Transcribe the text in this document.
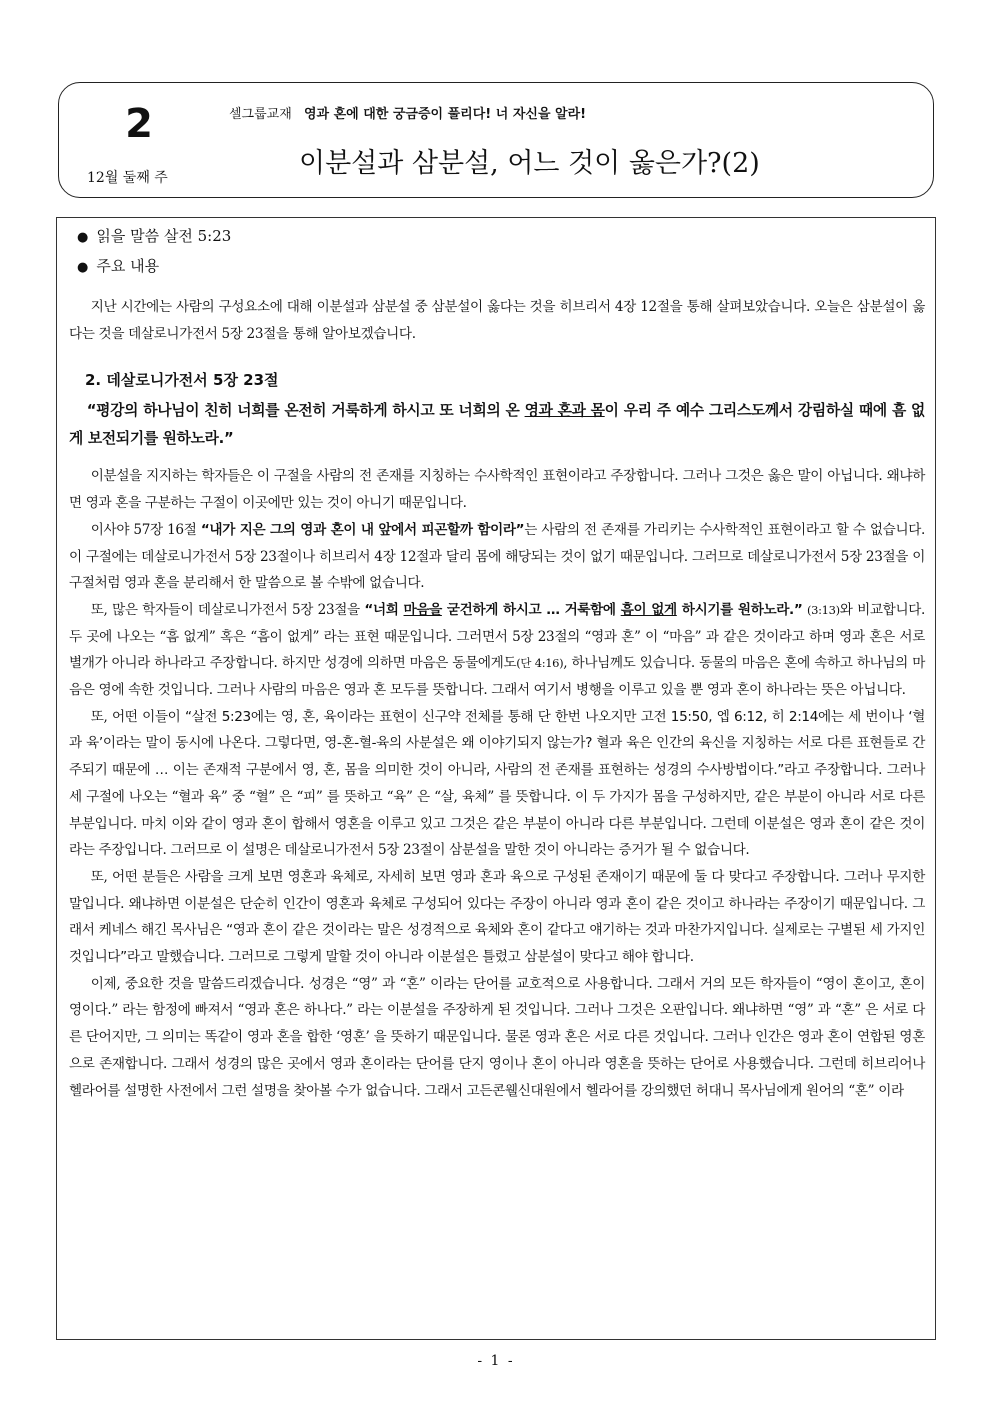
2
12월 둘째 주
셀그룹교재 영과 혼에 대한 궁금증이 풀리다! 너 자신을 알라!
이분설과 삼분설, 어느 것이 옳은가?(2)
● 읽을 말씀 살전 5:23
● 주요 내용

지난 시간에는 사람의 구성요소에 대해 이분설과 삼분설 중 삼분설이 옳다는 것을 히브리서 4장 12절을 통해 살펴보았습니다. 오늘은 삼분설이 옳다는 것을 데살로니가전서 5장 23절을 통해 알아보겠습니다.

2. 데살로니가전서 5장 23절

“평강의 하나님이 친히 너희를 온전히 거룩하게 하시고 또 너희의 온 영과 혼과 몸이 우리 주 예수 그리스도께서 강림하실 때에 흠 없게 보전되기를 원하노라.”

이분설을 지지하는 학자들은 이 구절을 사람의 전 존재를 지칭하는 수사학적인 표현이라고 주장합니다. 그러나 그것은 옳은 말이 아닙니다. 왜냐하면 영과 혼을 구분하는 구절이 이곳에만 있는 것이 아니기 때문입니다.

이사야 57장 16절 “내가 지은 그의 영과 혼이 내 앞에서 피곤할까 함이라”는 사람의 전 존재를 가리키는 수사학적인 표현이라고 할 수 없습니다. 이 구절에는 데살로니가전서 5장 23절이나 히브리서 4장 12절과 달리 몸에 해당되는 것이 없기 때문입니다. 그러므로 데살로니가전서 5장 23절을 이 구절처럼 영과 혼을 분리해서 한 말씀으로 볼 수밖에 없습니다.

또, 많은 학자들이 데살로니가전서 5장 23절을 “너희 마음을 굳건하게 하시고 … 거룩함에 흠이 없게 하시기를 원하노라.” (3:13)와 비교합니다. 두 곳에 나오는 “흠 없게” 혹은 “흠이 없게” 라는 표현 때문입니다. 그러면서 5장 23절의 “영과 혼” 이 “마음” 과 같은 것이라고 하며 영과 혼은 서로 별개가 아니라 하나라고 주장합니다. 하지만 성경에 의하면 마음은 동물에게도(단 4:16), 하나님께도 있습니다. 동물의 마음은 혼에 속하고 하나님의 마음은 영에 속한 것입니다. 그러나 사람의 마음은 영과 혼 모두를 뜻합니다. 그래서 여기서 병행을 이루고 있을 뿐 영과 혼이 하나라는 뜻은 아닙니다.

또, 어떤 이들이 “살전 5:23에는 영, 혼, 육이라는 표현이 신구약 전체를 통해 단 한번 나오지만 고전 15:50, 엡 6:12, 히 2:14에는 세 번이나 ‘혈과 육’이라는 말이 동시에 나온다. 그렇다면, 영-혼-혈-육의 사분설은 왜 이야기되지 않는가? 혈과 육은 인간의 육신을 지칭하는 서로 다른 표현들로 간주되기 때문에 … 이는 존재적 구분에서 영, 혼, 몸을 의미한 것이 아니라, 사람의 전 존재를 표현하는 성경의 수사방법이다.”라고 주장합니다. 그러나 세 구절에 나오는 “혈과 육” 중 “혈” 은 “피” 를 뜻하고 “육” 은 “살, 육체” 를 뜻합니다. 이 두 가지가 몸을 구성하지만, 같은 부분이 아니라 서로 다른 부분입니다. 마치 이와 같이 영과 혼이 합해서 영혼을 이루고 있고 그것은 같은 부분이 아니라 다른 부분입니다. 그런데 이분설은 영과 혼이 같은 것이라는 주장입니다. 그러므로 이 설명은 데살로니가전서 5장 23절이 삼분설을 말한 것이 아니라는 증거가 될 수 없습니다.

또, 어떤 분들은 사람을 크게 보면 영혼과 육체로, 자세히 보면 영과 혼과 육으로 구성된 존재이기 때문에 둘 다 맞다고 주장합니다. 그러나 무지한 말입니다. 왜냐하면 이분설은 단순히 인간이 영혼과 육체로 구성되어 있다는 주장이 아니라 영과 혼이 같은 것이고 하나라는 주장이기 때문입니다. 그래서 케네스 해긴 목사님은 “영과 혼이 같은 것이라는 말은 성경적으로 육체와 혼이 같다고 얘기하는 것과 마찬가지입니다. 실제로는 구별된 세 가지인 것입니다”라고 말했습니다. 그러므로 그렇게 말할 것이 아니라 이분설은 틀렸고 삼분설이 맞다고 해야 합니다.

이제, 중요한 것을 말씀드리겠습니다. 성경은 “영” 과 “혼” 이라는 단어를 교호적으로 사용합니다. 그래서 거의 모든 학자들이 “영이 혼이고, 혼이 영이다.” 라는 함정에 빠져서 “영과 혼은 하나다.” 라는 이분설을 주장하게 된 것입니다. 그러나 그것은 오판입니다. 왜냐하면 “영” 과 “혼” 은 서로 다른 단어지만, 그 의미는 똑같이 영과 혼을 합한 ‘영혼’ 을 뜻하기 때문입니다. 물론 영과 혼은 서로 다른 것입니다. 그러나 인간은 영과 혼이 연합된 영혼으로 존재합니다. 그래서 성경의 많은 곳에서 영과 혼이라는 단어를 단지 영이나 혼이 아니라 영혼을 뜻하는 단어로 사용했습니다. 그런데 히브리어나 헬라어를 설명한 사전에서 그런 설명을 찾아볼 수가 없습니다. 그래서 고든콘웰신대원에서 헬라어를 강의했던 허대니 목사님에게 원어의 “혼” 이라

- 1 -
